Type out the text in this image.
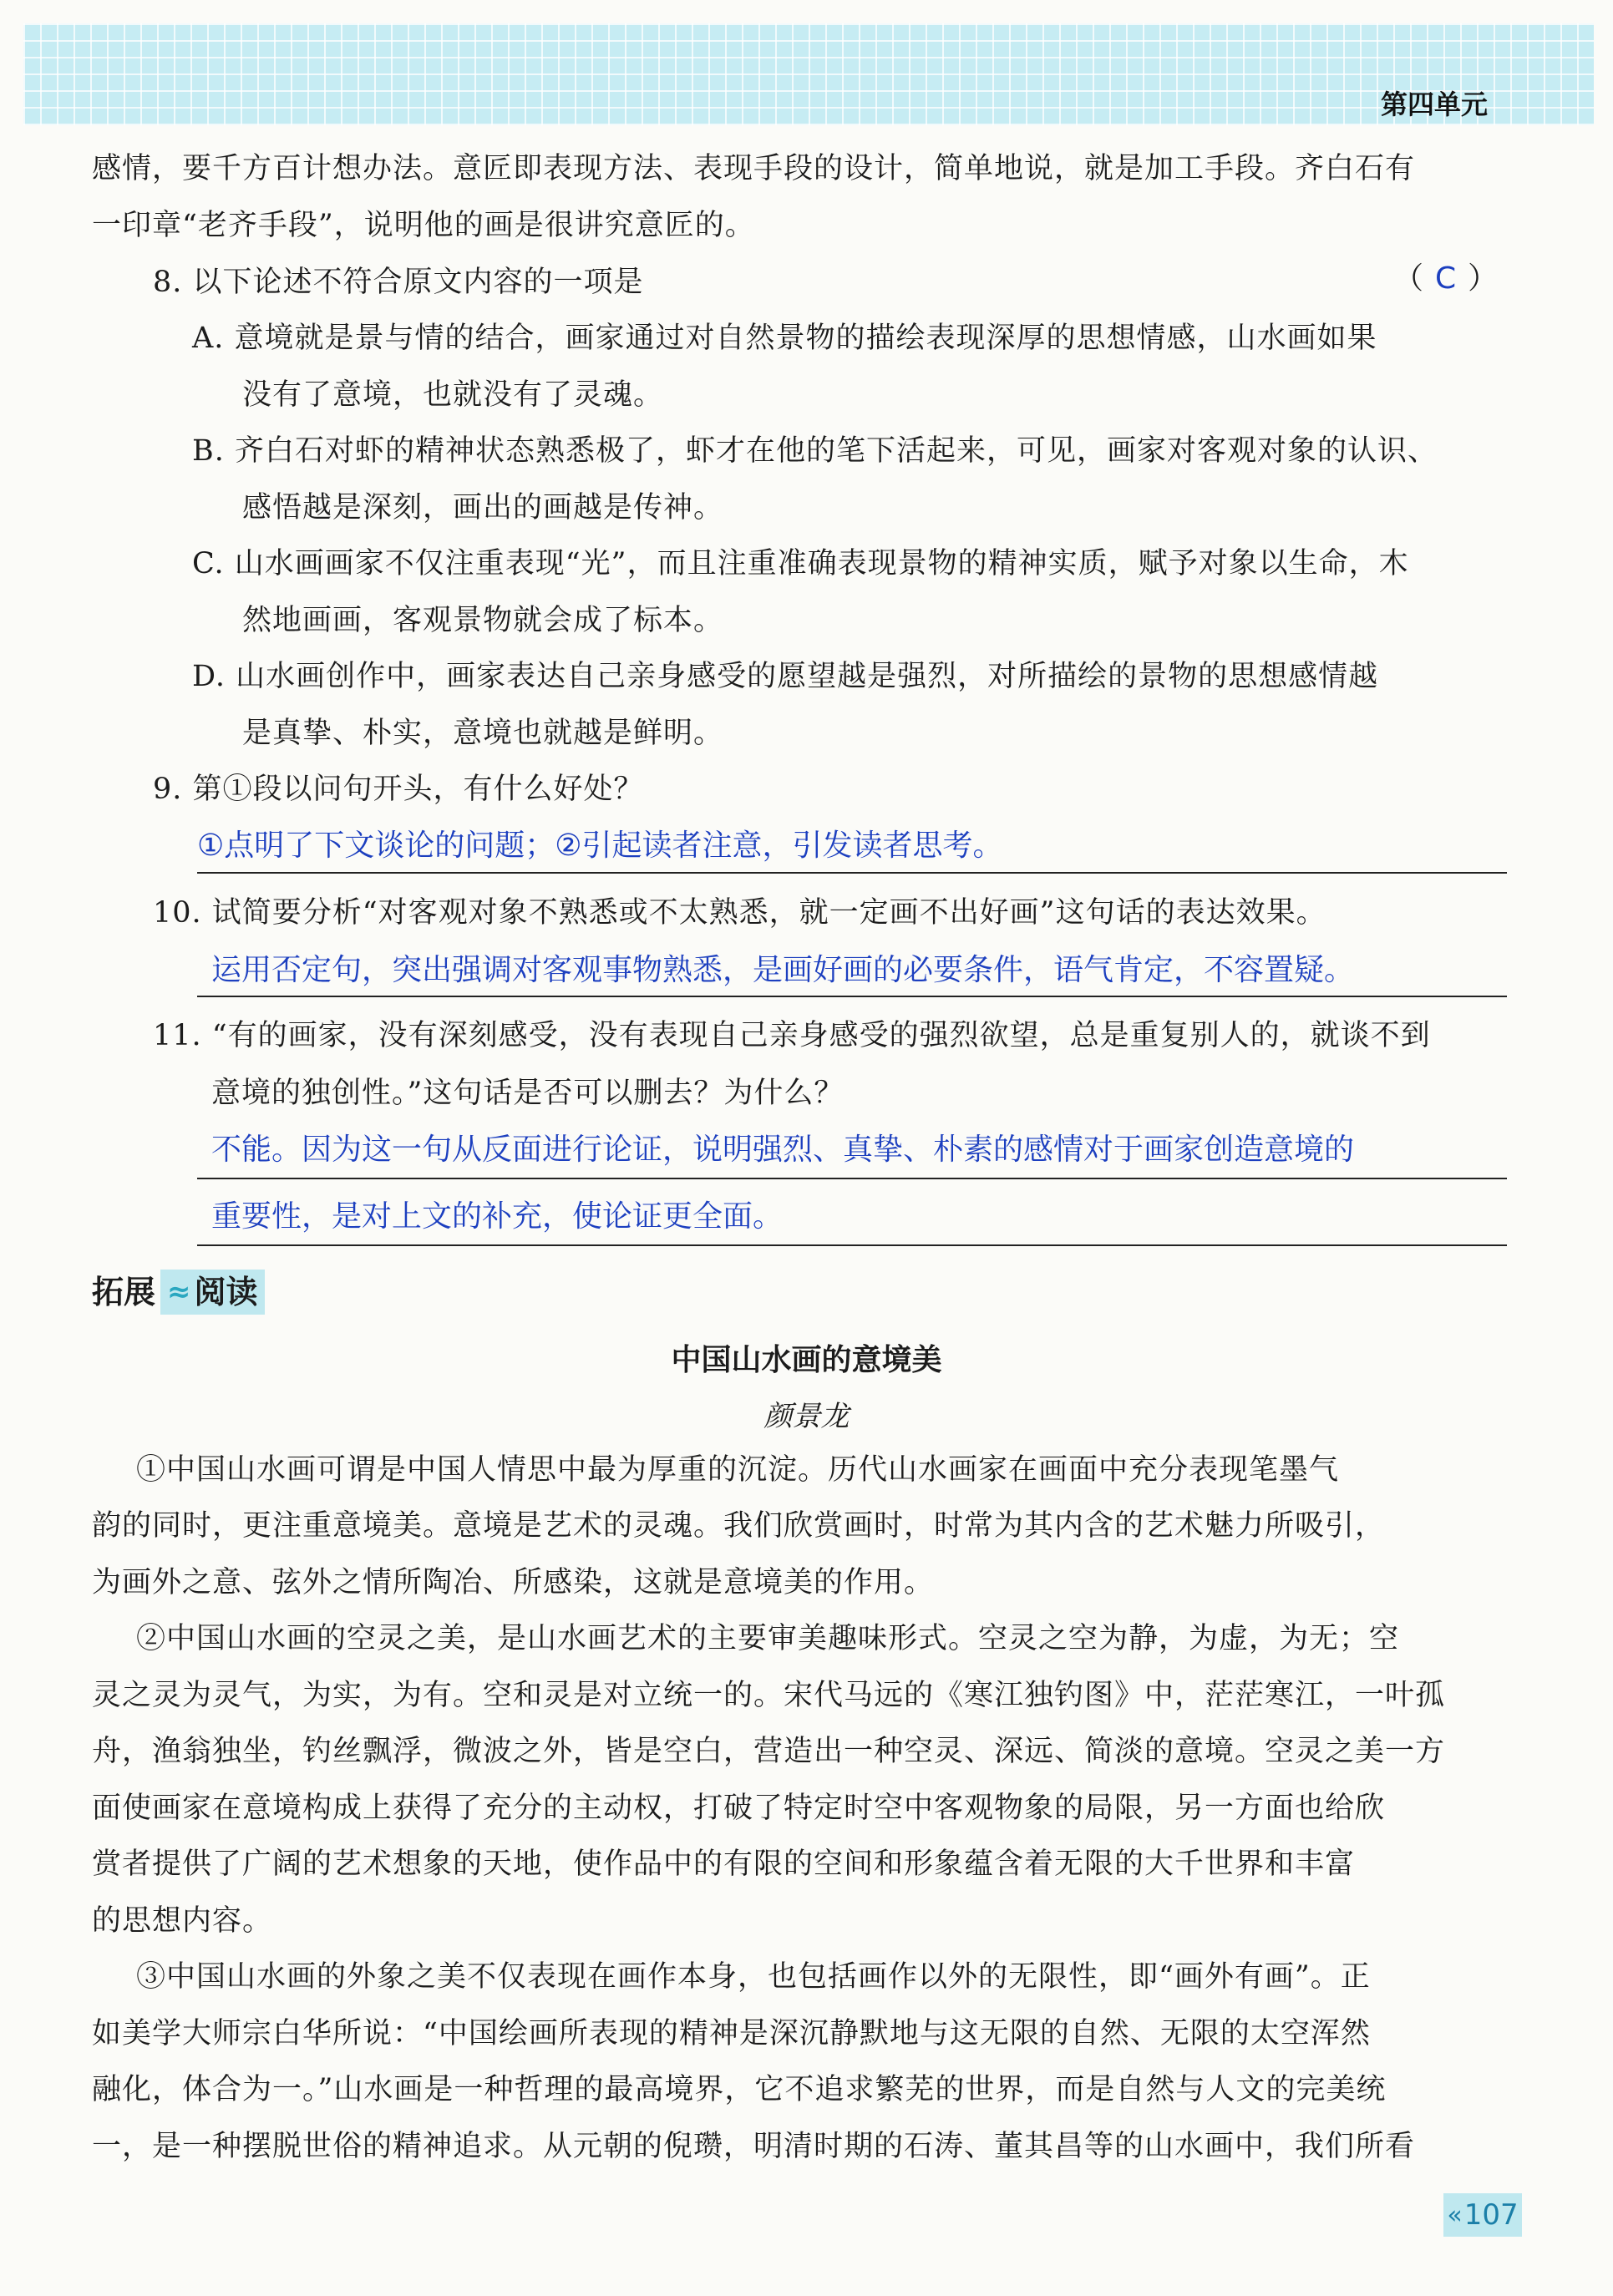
第四单元
感情，要千方百计想办法。意匠即表现方法、表现手段的设计，简单地说，就是加工手段。齐白石有
一印章“老齐手段”，说明他的画是很讲究意匠的。
8. 以下论述不符合原文内容的一项是	（ C ）
A. 意境就是景与情的结合，画家通过对自然景物的描绘表现深厚的思想情感，山水画如果
没有了意境，也就没有了灵魂。
B. 齐白石对虾的精神状态熟悉极了，虾才在他的笔下活起来，可见，画家对客观对象的认识、
感悟越是深刻，画出的画越是传神。
C. 山水画画家不仅注重表现“光”，而且注重准确表现景物的精神实质，赋予对象以生命，木
然地画画，客观景物就会成了标本。
D. 山水画创作中，画家表达自己亲身感受的愿望越是强烈，对所描绘的景物的思想感情越
是真挚、朴实，意境也就越是鲜明。
9. 第①段以问句开头，有什么好处？
①点明了下文谈论的问题；②引起读者注意，引发读者思考。
10. 试简要分析“对客观对象不熟悉或不太熟悉，就一定画不出好画”这句话的表达效果。
运用否定句，突出强调对客观事物熟悉，是画好画的必要条件，语气肯定，不容置疑。
11. “有的画家，没有深刻感受，没有表现自己亲身感受的强烈欲望，总是重复别人的，就谈不到
意境的独创性。”这句话是否可以删去？为什么？
不能。因为这一句从反面进行论证，说明强烈、真挚、朴素的感情对于画家创造意境的
重要性，是对上文的补充，使论证更全面。
拓展 ≈ 阅读
中国山水画的意境美
颜景龙
①中国山水画可谓是中国人情思中最为厚重的沉淀。历代山水画家在画面中充分表现笔墨气
韵的同时，更注重意境美。意境是艺术的灵魂。我们欣赏画时，时常为其内含的艺术魅力所吸引，
为画外之意、弦外之情所陶冶、所感染，这就是意境美的作用。
②中国山水画的空灵之美，是山水画艺术的主要审美趣味形式。空灵之空为静，为虚，为无；空
灵之灵为灵气，为实，为有。空和灵是对立统一的。宋代马远的《寒江独钓图》中，茫茫寒江，一叶孤
舟，渔翁独坐，钓丝飘浮，微波之外，皆是空白，营造出一种空灵、深远、简淡的意境。空灵之美一方
面使画家在意境构成上获得了充分的主动权，打破了特定时空中客观物象的局限，另一方面也给欣
赏者提供了广阔的艺术想象的天地，使作品中的有限的空间和形象蕴含着无限的大千世界和丰富
的思想内容。
③中国山水画的外象之美不仅表现在画作本身，也包括画作以外的无限性，即“画外有画”。正
如美学大师宗白华所说：“中国绘画所表现的精神是深沉静默地与这无限的自然、无限的太空浑然
融化，体合为一。”山水画是一种哲理的最高境界，它不追求繁芜的世界，而是自然与人文的完美统
一，是一种摆脱世俗的精神追求。从元朝的倪瓒，明清时期的石涛、董其昌等的山水画中，我们所看
« 107
